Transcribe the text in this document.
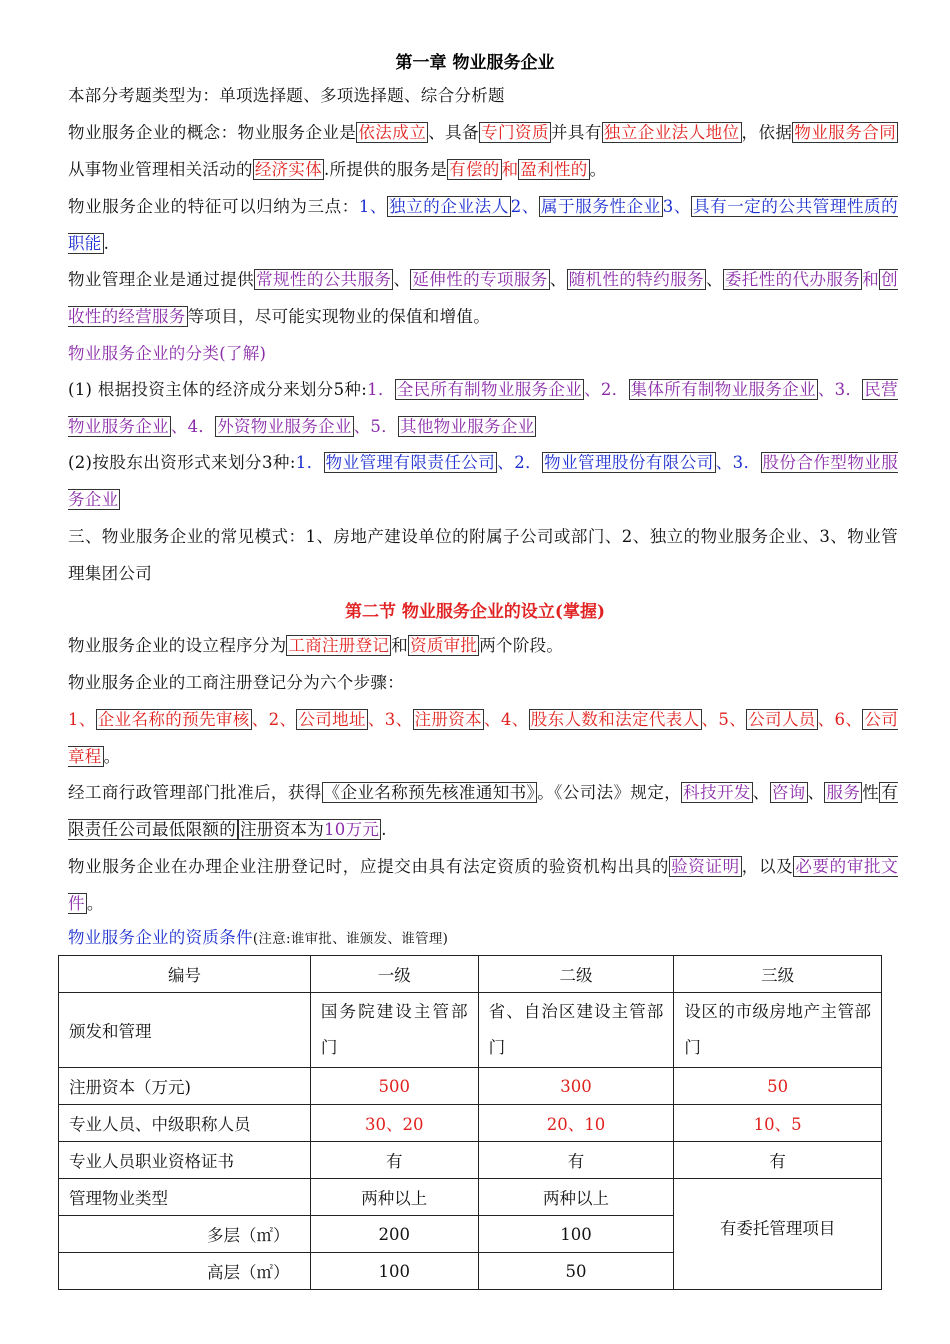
第一章 物业服务企业
本部分考题类型为：单项选择题、多项选择题、综合分析题
物业服务企业的概念：物业服务企业是 依法成立 、具备 专门资质 并具有 独立企业法人地位 ，依据 物业服务合同从事物业管理相关活动的 经济实体 .所提供的服务是 有偿的 和 盈利性的 。
物业服务企业的特征可以归纳为三点：1、 独立的企业法人 2、 属于服务性企业 3、 具有一定的公共管理性质的职能 .
物业管理企业是通过提供 常规性的公共服务 、 延伸性的专项服务 、 随机性的特约服务 、 委托性的代办服务 和 创收性的经营服务 等项目，尽可能实现物业的保值和增值。
物业服务企业的分类(了解)
(1) 根据投资主体的经济成分来划分5种:1． 全民所有制物业服务企业 、2． 集体所有制物业服务企业 、3． 民营物业服务企业 、4． 外资物业服务企业 、5． 其他物业服务企业
(2)按股东出资形式来划分3种:1． 物业管理有限责任公司 、2． 物业管理股份有限公司 、3． 股份合作型物业服务企业
三、物业服务企业的常见模式：1、房地产建设单位的附属子公司或部门、2、独立的物业服务企业、3、物业管理集团公司
第二节 物业服务企业的设立(掌握)
物业服务企业的设立程序分为 工商注册登记 和 资质审批 两个阶段。
物业服务企业的工商注册登记分为六个步骤：
1、 企业名称的预先审核 、2、 公司地址 、3、 注册资本 、4、 股东人数和法定代表人 、5、 公司人员 、6、 公司章程 。
经工商行政管理部门批准后，获得 《企业名称预先核准通知书》 。《公司法》规定， 科技开发 、 咨询 、 服务 性 有限责任公司最低限额的 注册资本为10万元 .
物业服务企业在办理企业注册登记时，应提交由具有法定资质的验资机构出具的 验资证明 ，以及 必要的审批文件 。
物业服务企业的资质条件(注意:谁审批、谁颁发、谁管理)
编号	一级	二级	三级
颁发和管理	国务院建设主管部门	省、自治区建设主管部门	设区的市级房地产主管部门
注册资本（万元)	500	300	50
专业人员、中级职称人员	30、20	20、10	10、5
专业人员职业资格证书	有	有	有
管理物业类型	两种以上	两种以上	有委托管理项目
多层（㎡）	200	100	
高层（㎡）	100	50	
